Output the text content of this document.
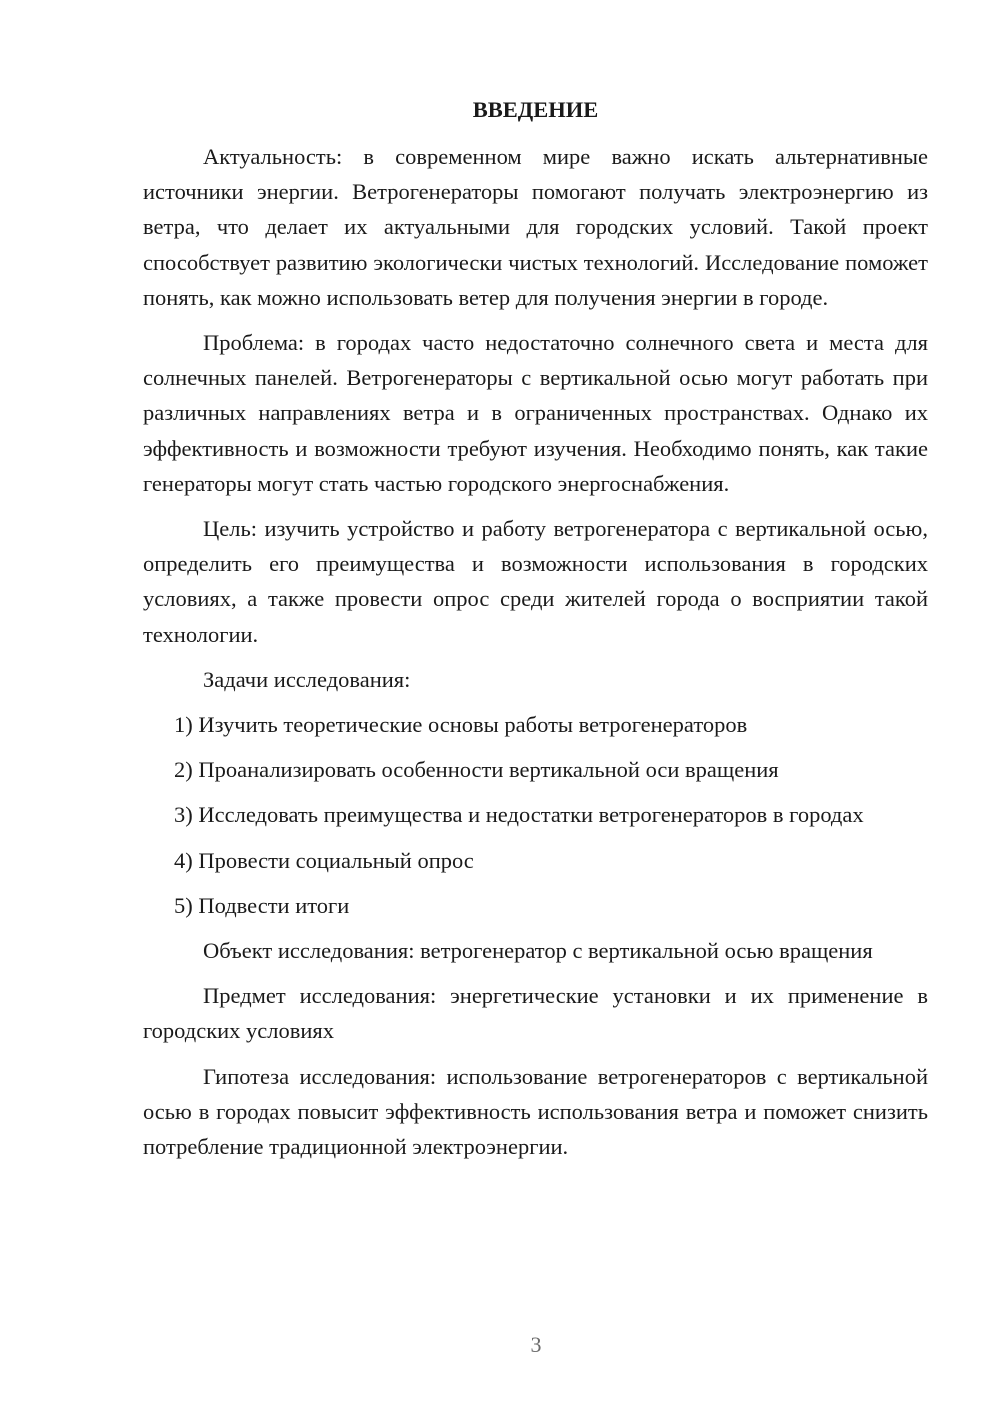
ВВЕДЕНИЕ

Актуальность: в современном мире важно искать альтернативные источники энергии. Ветрогенераторы помогают получать электроэнергию из ветра, что делает их актуальными для городских условий. Такой проект способствует развитию экологически чистых технологий. Исследование поможет понять, как можно использовать ветер для получения энергии в городе.

Проблема: в городах часто недостаточно солнечного света и места для солнечных панелей. Ветрогенераторы с вертикальной осью могут работать при различных направлениях ветра и в ограниченных пространствах. Однако их эффективность и возможности требуют изучения. Необходимо понять, как такие генераторы могут стать частью городского энергоснабжения.

Цель: изучить устройство и работу ветрогенератора с вертикальной осью, определить его преимущества и возможности использования в городских условиях, а также провести опрос среди жителей города о восприятии такой технологии.

Задачи исследования:

1) Изучить теоретические основы работы ветрогенераторов

2) Проанализировать особенности вертикальной оси вращения

3) Исследовать преимущества и недостатки ветрогенераторов в городах

4) Провести социальный опрос

5) Подвести итоги

Объект исследования: ветрогенератор с вертикальной осью вращения

Предмет исследования: энергетические установки и их применение в городских условиях

Гипотеза исследования: использование ветрогенераторов с вертикальной осью в городах повысит эффективность использования ветра и поможет снизить потребление традиционной электроэнергии.

3
